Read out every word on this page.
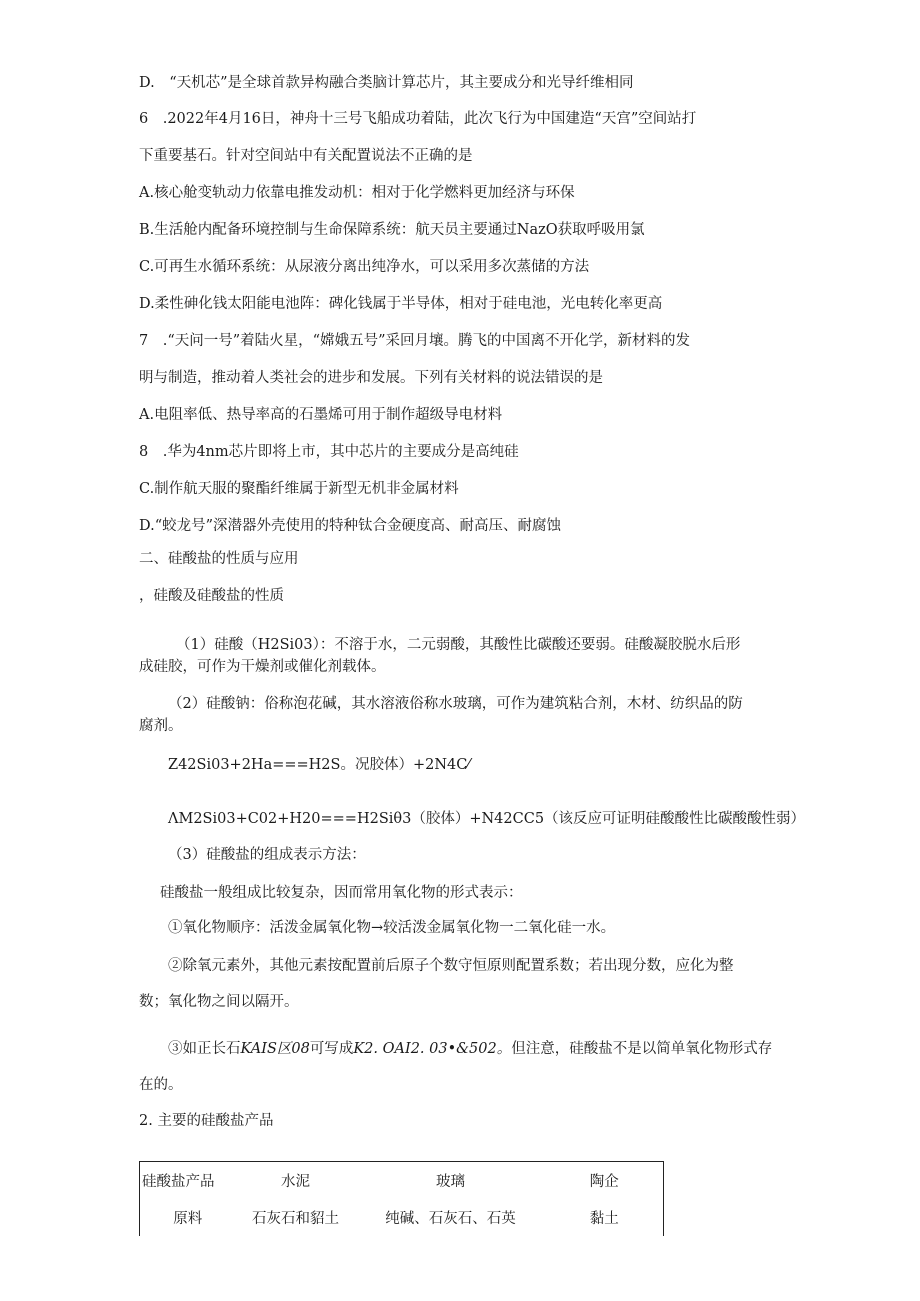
D.　“天机芯”是全球首款异构融合类脑计算芯片，其主要成分和光导纤维相同
6　.2022年4月16日，神舟十三号飞船成功着陆，此次飞行为中国建造“天宫”空间站打
下重要基石。针对空间站中有关配置说法不正确的是
A.核心舱变轨动力依靠电推发动机：相对于化学燃料更加经济与环保
B.生活舱内配备环境控制与生命保障系统：航天员主要通过NazO获取呼吸用氯
C.可再生水循环系统：从尿液分离出纯净水，可以采用多次蒸储的方法
D.柔性砷化钱太阳能电池阵：碑化钱属于半导体，相对于硅电池，光电转化率更高
7　.“天问一号”着陆火星，“嫦娥五号”采回月壤。腾飞的中国离不开化学，新材料的发
明与制造，推动着人类社会的进步和发展。下列有关材料的说法错误的是
A.电阻率低、热导率高的石墨烯可用于制作超级导电材料
8　.华为4nm芯片即将上市，其中芯片的主要成分是高纯硅
C.制作航天服的聚酯纤维属于新型无机非金属材料
D.“蛟龙号”深潜器外壳使用的特种钛合金硬度高、耐高压、耐腐蚀
二、硅酸盐的性质与应用
，硅酸及硅酸盐的性质
（1）硅酸（H2Si03）：不溶于水，二元弱酸，其酸性比碳酸还要弱。硅酸凝胶脱水后形
成硅胶，可作为干燥剂或催化剂载体。
（2）硅酸钠：俗称泡花碱，其水溶液俗称水玻璃，可作为建筑粘合剂，木材、纺织品的防
腐剂。
Z42Si03+2Ha===H2S。况胶体）+2N4C⁄
ΛM2Si03+C02+H20===H2Siθ3（胶体）+N42CC5（该反应可证明硅酸酸性比碳酸酸性弱）
（3）硅酸盐的组成表示方法：
硅酸盐一般组成比较复杂，因而常用氧化物的形式表示：
①氧化物顺序：活泼金属氧化物→较活泼金属氧化物一二氧化硅一水。
②除氧元素外，其他元素按配置前后原子个数守恒原则配置系数；若出现分数，应化为整
数；氧化物之间以隔开。
③如正长石KAIS区08可写成K2. OAI2. 03•&502。但注意，硅酸盐不是以简单氧化物形式存
在的。
2. 主要的硅酸盐产品
硅酸盐产品	水泥	玻璃	陶企
原料	石灰石和貂土	纯碱、石灰石、石英	黏土
